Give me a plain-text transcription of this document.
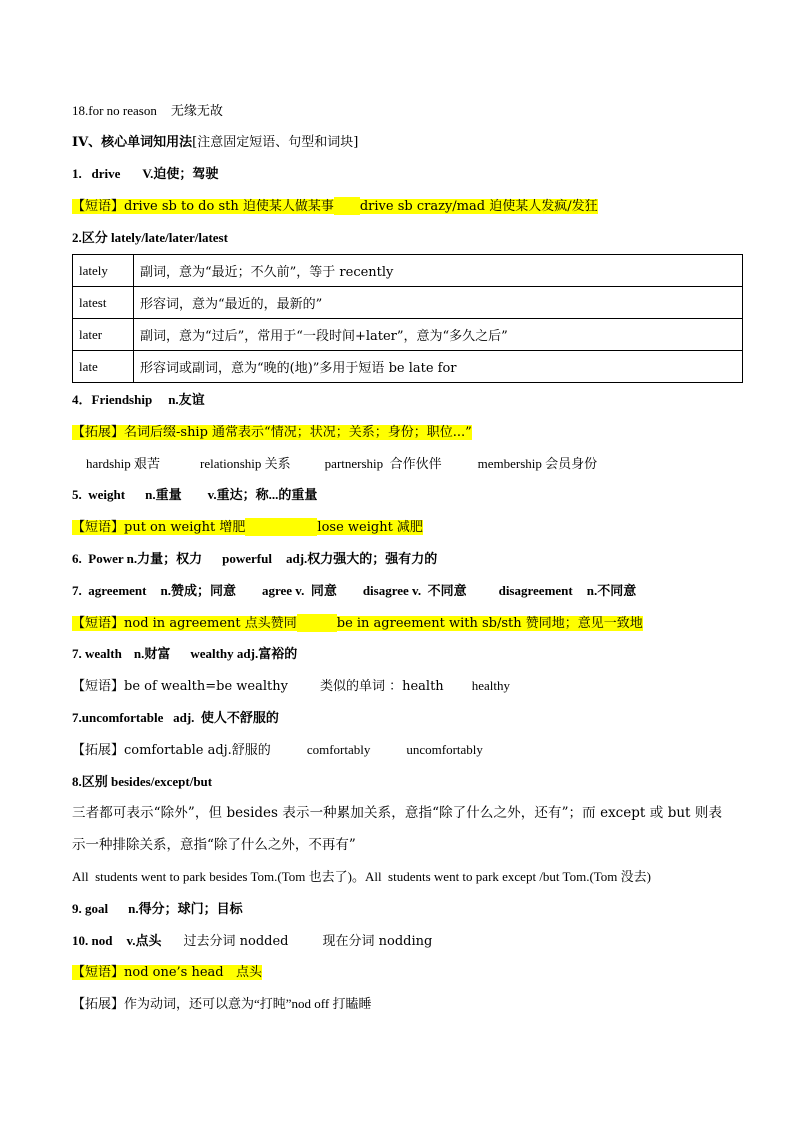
18.for no reason 无缘无故
IV、核心单词知用法[注意固定短语、句型和词块]
1.   drive V.迫使；驾驶
【短语】drive sb to do sth 迫使某人做某事 drive sb crazy/mad 迫使某人发疯/发狂
2.区分 lately/late/later/latest
lately	副词，意为“最近；不久前”，等于 recently
latest	形容词，意为“最近的，最新的”
later	副词，意为“过后”，常用于“一段时间+later”，意为“多久之后”
late	形容词或副词，意为“晚的(地)”多用于短语 be late for
4．Friendship n.友谊
【拓展】名词后缀-ship 通常表示“情况；状况；关系；身份；职位...”
hardship 艰苦	relationship 关系	partnership  合作伙伴	membership 会员身份
5.  weight n.重量 v.重达；称...的重量
【短语】put on weight 增肥	lose weight 减肥
6.  Power n.力量；权力 powerful adj.权力强大的；强有力的
7.  agreement n.赞成；同意 agree v.  同意 disagree v.  不同意 disagreement n.不同意
【短语】nod in agreement 点头赞同	be in agreement with sb/sth 赞同地；意见一致地
7. wealth n.财富 wealthy adj.富裕的
【短语】be of wealth=be wealthy 类似的单词 ：health healthy
7.uncomfortable   adj.  使人不舒服的
【拓展】comfortable adj.舒服的	comfortably	uncomfortably
8.区别 besides/except/but
三者都可表示“除外”，但 besides 表示一种累加关系，意指“除了什么之外，还有”；而 except 或 but 则表示一种排除关系，意指“除了什么之外，不再有”
All  students went to park besides Tom.(Tom 也去了)。All  students went to park except /but Tom.(Tom 没去)
9. goal n.得分；球门；目标
10. nod v.点头 过去分词 nodded	现在分词 nodding
【短语】nod one’s head   点头
【拓展】作为动词，还可以意为“打盹”nod off 打瞌睡
